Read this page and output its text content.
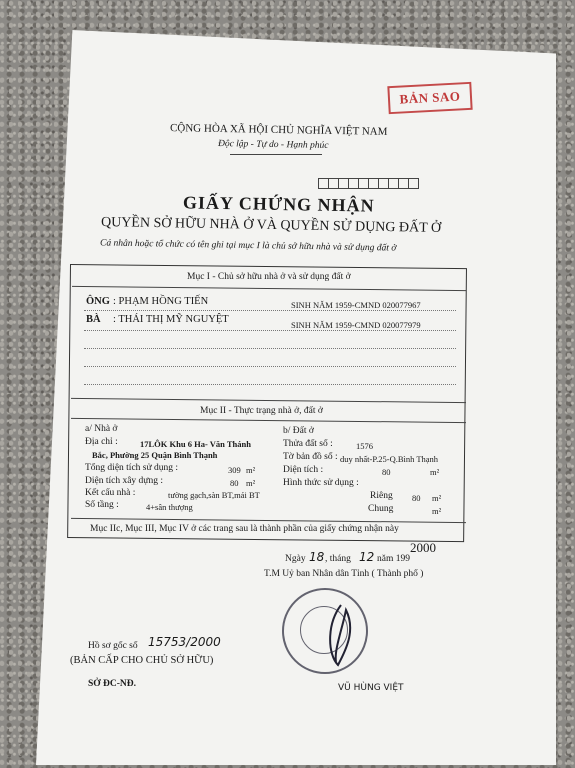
BẢN SAO
CỘNG HÒA XÃ HỘI CHỦ NGHĨA VIỆT NAM
Độc lập - Tự do - Hạnh phúc
GIẤY CHỨNG NHẬN
QUYỀN SỞ HỮU NHÀ Ở VÀ QUYỀN SỬ DỤNG ĐẤT Ở
Cá nhân hoặc tổ chức có tên ghi tại mục I là chủ sở hữu nhà và sử dụng đất ở
Mục I - Chủ sở hữu nhà ở và sử dụng đất ở
ÔNG : PHẠM HỒNG TIẾN	SINH NĂM 1959-CMND 020077967
BÀ : THÁI THỊ MỸ NGUYỆT	SINH NĂM 1959-CMND 020077979
Mục II - Thực trạng nhà ở, đất ở
a/ Nhà ở
Địa chỉ :	17LÔK Khu 6 Ha- Văn Thánh
Bắc, Phường 25 Quận Bình Thạnh
Tổng diện tích sử dụng :	309 m²
Diện tích xây dựng :	80 m²
Kết cấu nhà :	tường gạch,sàn BT,mái BT
Số tầng :	4+sân thượng
b/ Đất ở
Thửa đất số :	1576
Tờ bản đồ số : duy nhất-P.25-Q.Bình Thạnh
Diện tích :	80	m²
Hình thức sử dụng :
Riêng 80 m²
Chung	m²
Mục IIc, Mục III, Mục IV ở các trang sau là thành phần của giấy chứng nhận này
2000
Ngày 18 , tháng 12 năm 199
T.M Uỷ ban Nhân dân Tỉnh ( Thành phố )
Hồ sơ gốc số 15753/2000
(BẢN CẤP CHO CHỦ SỞ HỮU)
SỞ ĐC-NĐ.	VŨ HÙNG VIỆT
